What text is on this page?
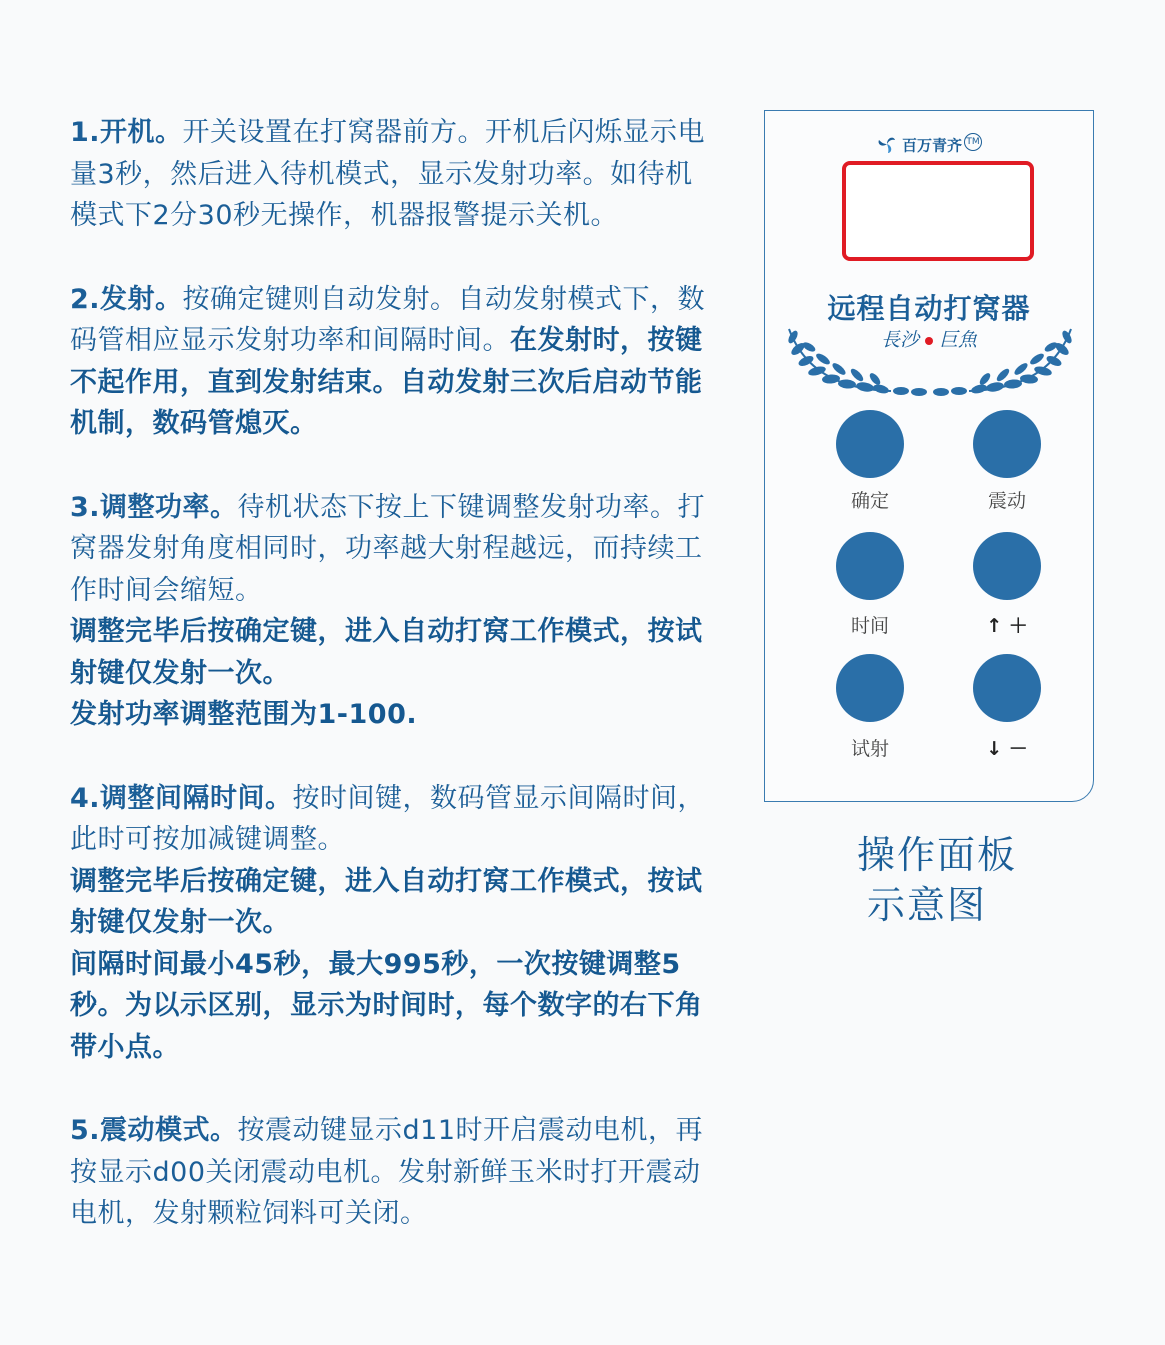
1.开机。开关设置在打窝器前方。开机后闪烁显示电量3秒，然后进入待机模式，显示发射功率。如待机模式下2分30秒无操作，机器报警提示关机。

2.发射。按确定键则自动发射。自动发射模式下，数码管相应显示发射功率和间隔时间。在发射时，按键不起作用，直到发射结束。自动发射三次后启动节能机制，数码管熄灭。

3.调整功率。待机状态下按上下键调整发射功率。打窝器发射角度相同时，功率越大射程越远，而持续工作时间会缩短。

调整完毕后按确定键，进入自动打窝工作模式，按试射键仅发射一次。

发射功率调整范围为1-100.

4.调整间隔时间。按时间键，数码管显示间隔时间，此时可按加减键调整。

调整完毕后按确定键，进入自动打窝工作模式，按试射键仅发射一次。

间隔时间最小45秒，最大995秒，一次按键调整5秒。为以示区别，显示为时间时，每个数字的右下角带小点。

5.震动模式。按震动键显示d11时开启震动电机，再按显示d00关闭震动电机。发射新鲜玉米时打开震动电机，发射颗粒饲料可关闭。

百万青齐 TM
远程自动打窝器
長沙 巨魚
确定	震动
时间	↑ ＋
试射	↓ －
操作面板
示意图
